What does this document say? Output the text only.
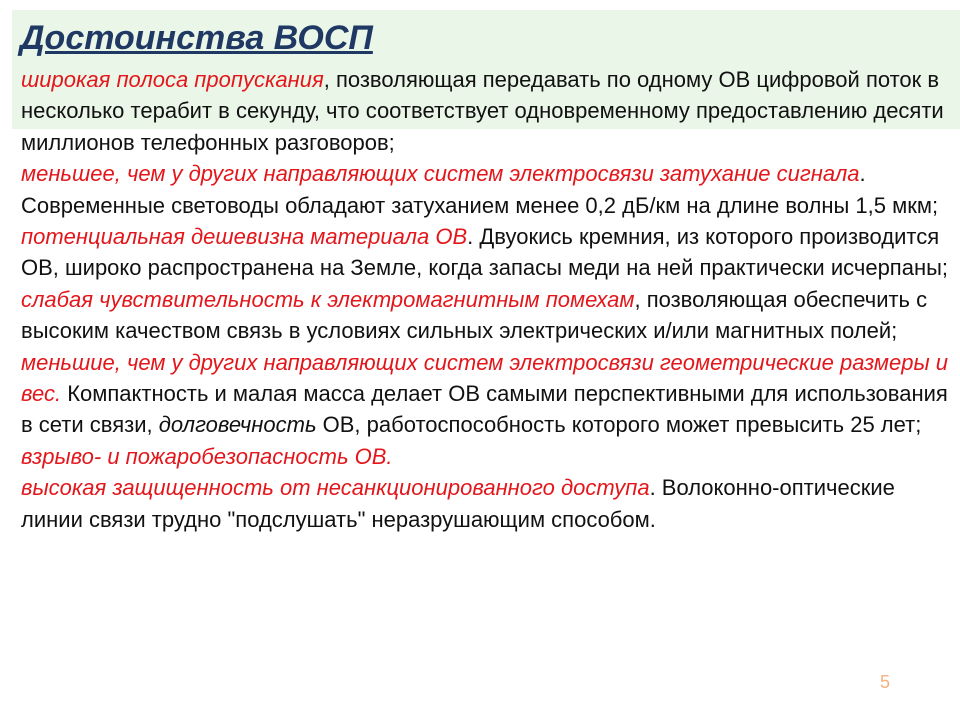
Достоинства ВОСП

широкая полоса пропускания, позволяющая передавать по одному ОВ цифровой поток в несколько терабит в секунду, что соответствует одновременному предоставлению десяти миллионов телефонных разговоров;

меньшее, чем у других направляющих систем электросвязи затухание сигнала. Современные световоды обладают затуханием менее 0,2 дБ/км на длине волны 1,5 мкм;

потенциальная дешевизна материала ОВ. Двуокись кремния, из которого производится ОВ, широко распространена на Земле, когда запасы меди на ней практически исчерпаны;

слабая чувствительность к электромагнитным помехам, позволяющая обеспечить с высоким качеством связь в условиях сильных электрических и/или магнитных полей;

меньшие, чем у других направляющих систем электросвязи геометрические размеры и вес. Компактность и малая масса делает ОВ самыми перспективными для использования в сети связи, долговечность ОВ, работоспособность которого может превысить 25 лет;

взрыво- и пожаробезопасность ОВ.

высокая защищенность от несанкционированного доступа. Волоконно-оптические линии связи трудно "подслушать" неразрушающим способом.

5
